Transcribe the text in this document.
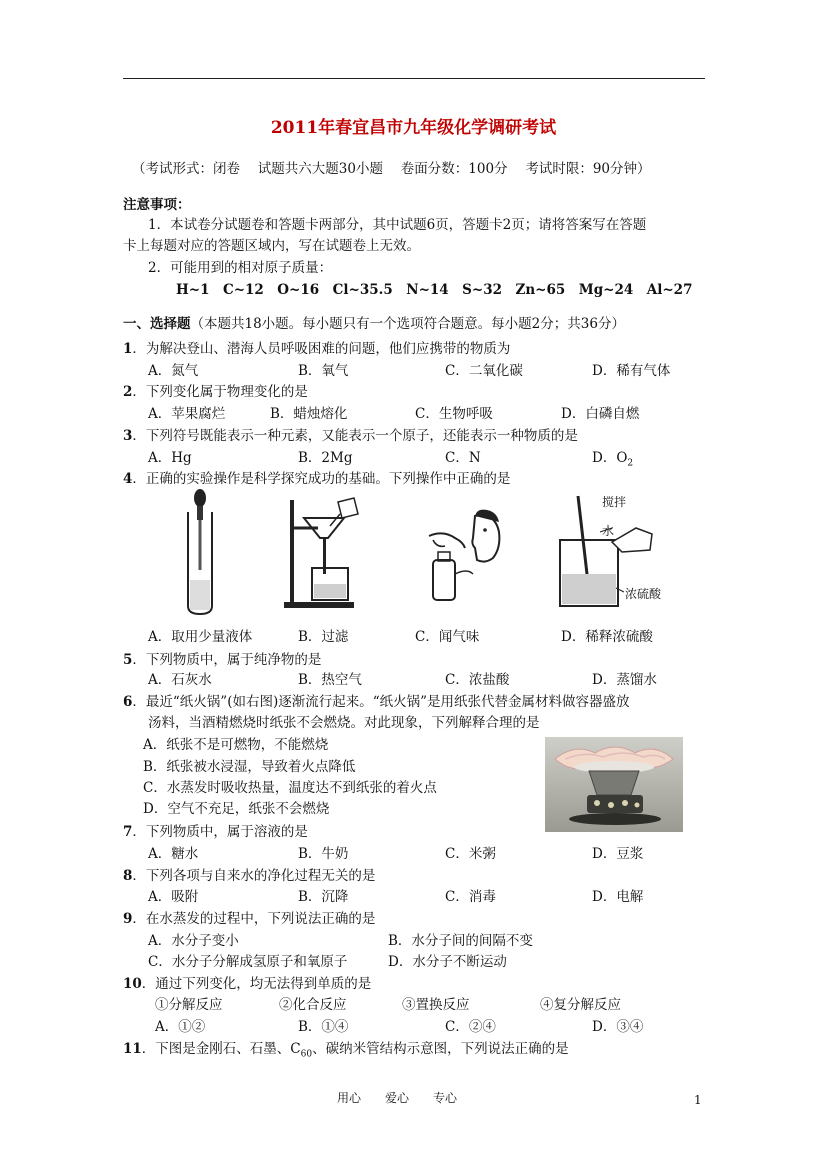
2011年春宜昌市九年级化学调研考试
（考试形式：闭卷　 试题共六大题30小题　 卷面分数：100分　 考试时限：90分钟）
注意事项：
1．本试卷分试题卷和答题卡两部分，其中试题6页，答题卡2页；请将答案写在答题
卡上每题对应的答题区域内，写在试题卷上无效。
2．可能用到的相对原子质量：
H~1　C~12　O~16　Cl~35.5　N~14　S~32　Zn~65　Mg~24　Al~27
一、选择题（本题共18小题。每小题只有一个选项符合题意。每小题2分；共36分）
1．为解决登山、潜海人员呼吸困难的问题，他们应携带的物质为
A．氮气	B．氧气	C．二氧化碳	D．稀有气体
2．下列变化属于物理变化的是
A．苹果腐烂	B．蜡烛熔化	C．生物呼吸	D．白磷自燃
3．下列符号既能表示一种元素，又能表示一个原子，还能表示一种物质的是
A．Hg	B．2Mg	C．N	D．$O_2$
4．正确的实验操作是科学探究成功的基础。下列操作中正确的是
搅拌
水
浓硫酸
A．取用少量液体	B．过滤	C．闻气味	D．稀释浓硫酸
5．下列物质中，属于纯净物的是
A．石灰水	B．热空气	C．浓盐酸	D．蒸馏水
6．最近“纸火锅”(如右图)逐渐流行起来。“纸火锅”是用纸张代替金属材料做容器盛放
汤料，当酒精燃烧时纸张不会燃烧。对此现象，下列解释合理的是
A．纸张不是可燃物，不能燃烧
B．纸张被水浸湿，导致着火点降低
C．水蒸发时吸收热量，温度达不到纸张的着火点
D．空气不充足，纸张不会燃烧
7．下列物质中，属于溶液的是
A．糖水	B．牛奶	C．米粥	D．豆浆
8．下列各项与自来水的净化过程无关的是
A．吸附	B．沉降	C．消毒	D．电解
9．在水蒸发的过程中，下列说法正确的是
A．水分子变小	B．水分子间的间隔不变
C．水分子分解成氢原子和氧原子	D．水分子不断运动
10．通过下列变化，均无法得到单质的是
①分解反应	②化合反应	③置换反应	④复分解反应
A．①②	B．①④	C．②④	D．③④
11．下图是金刚石、石墨、$C_{60}$、碳纳米管结构示意图，下列说法正确的是
用心　　爱心　　专心	1
